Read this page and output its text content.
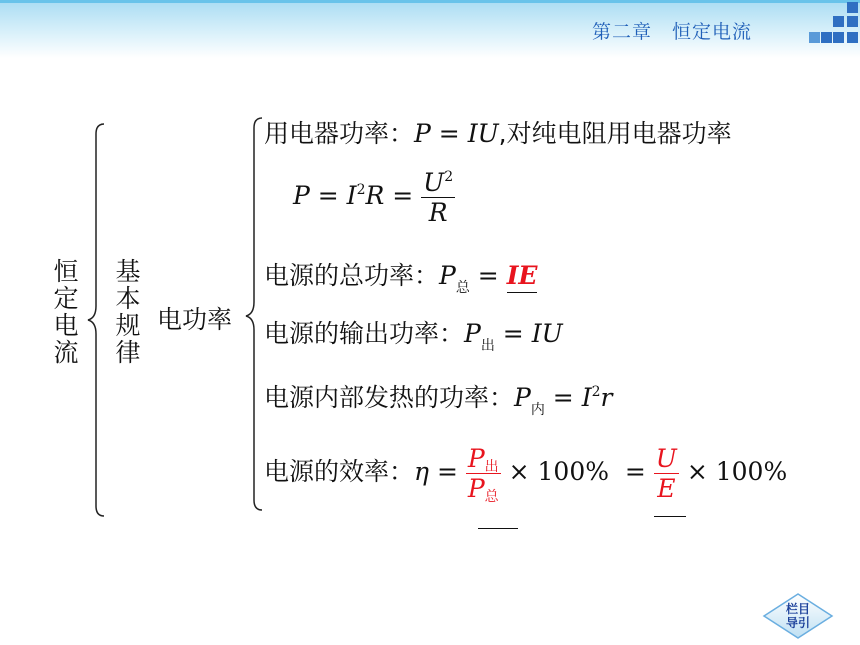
第二章　恒定电流
恒定电流
基本规律
电功率
用电器功率：P = IU,对纯电阻用电器功率
$P = I^2R = \frac{U^2}{R}$
电源的总功率：$P_总$ = IE
电源的输出功率：$P_出$ = IU
电源内部发热的功率：$P_内 = I^2r$
电源的效率：$\eta = \frac{\text{P出}}{\text{P总}} \times 100\% = \frac{U}{E} \times 100\%$
栏目
导引
